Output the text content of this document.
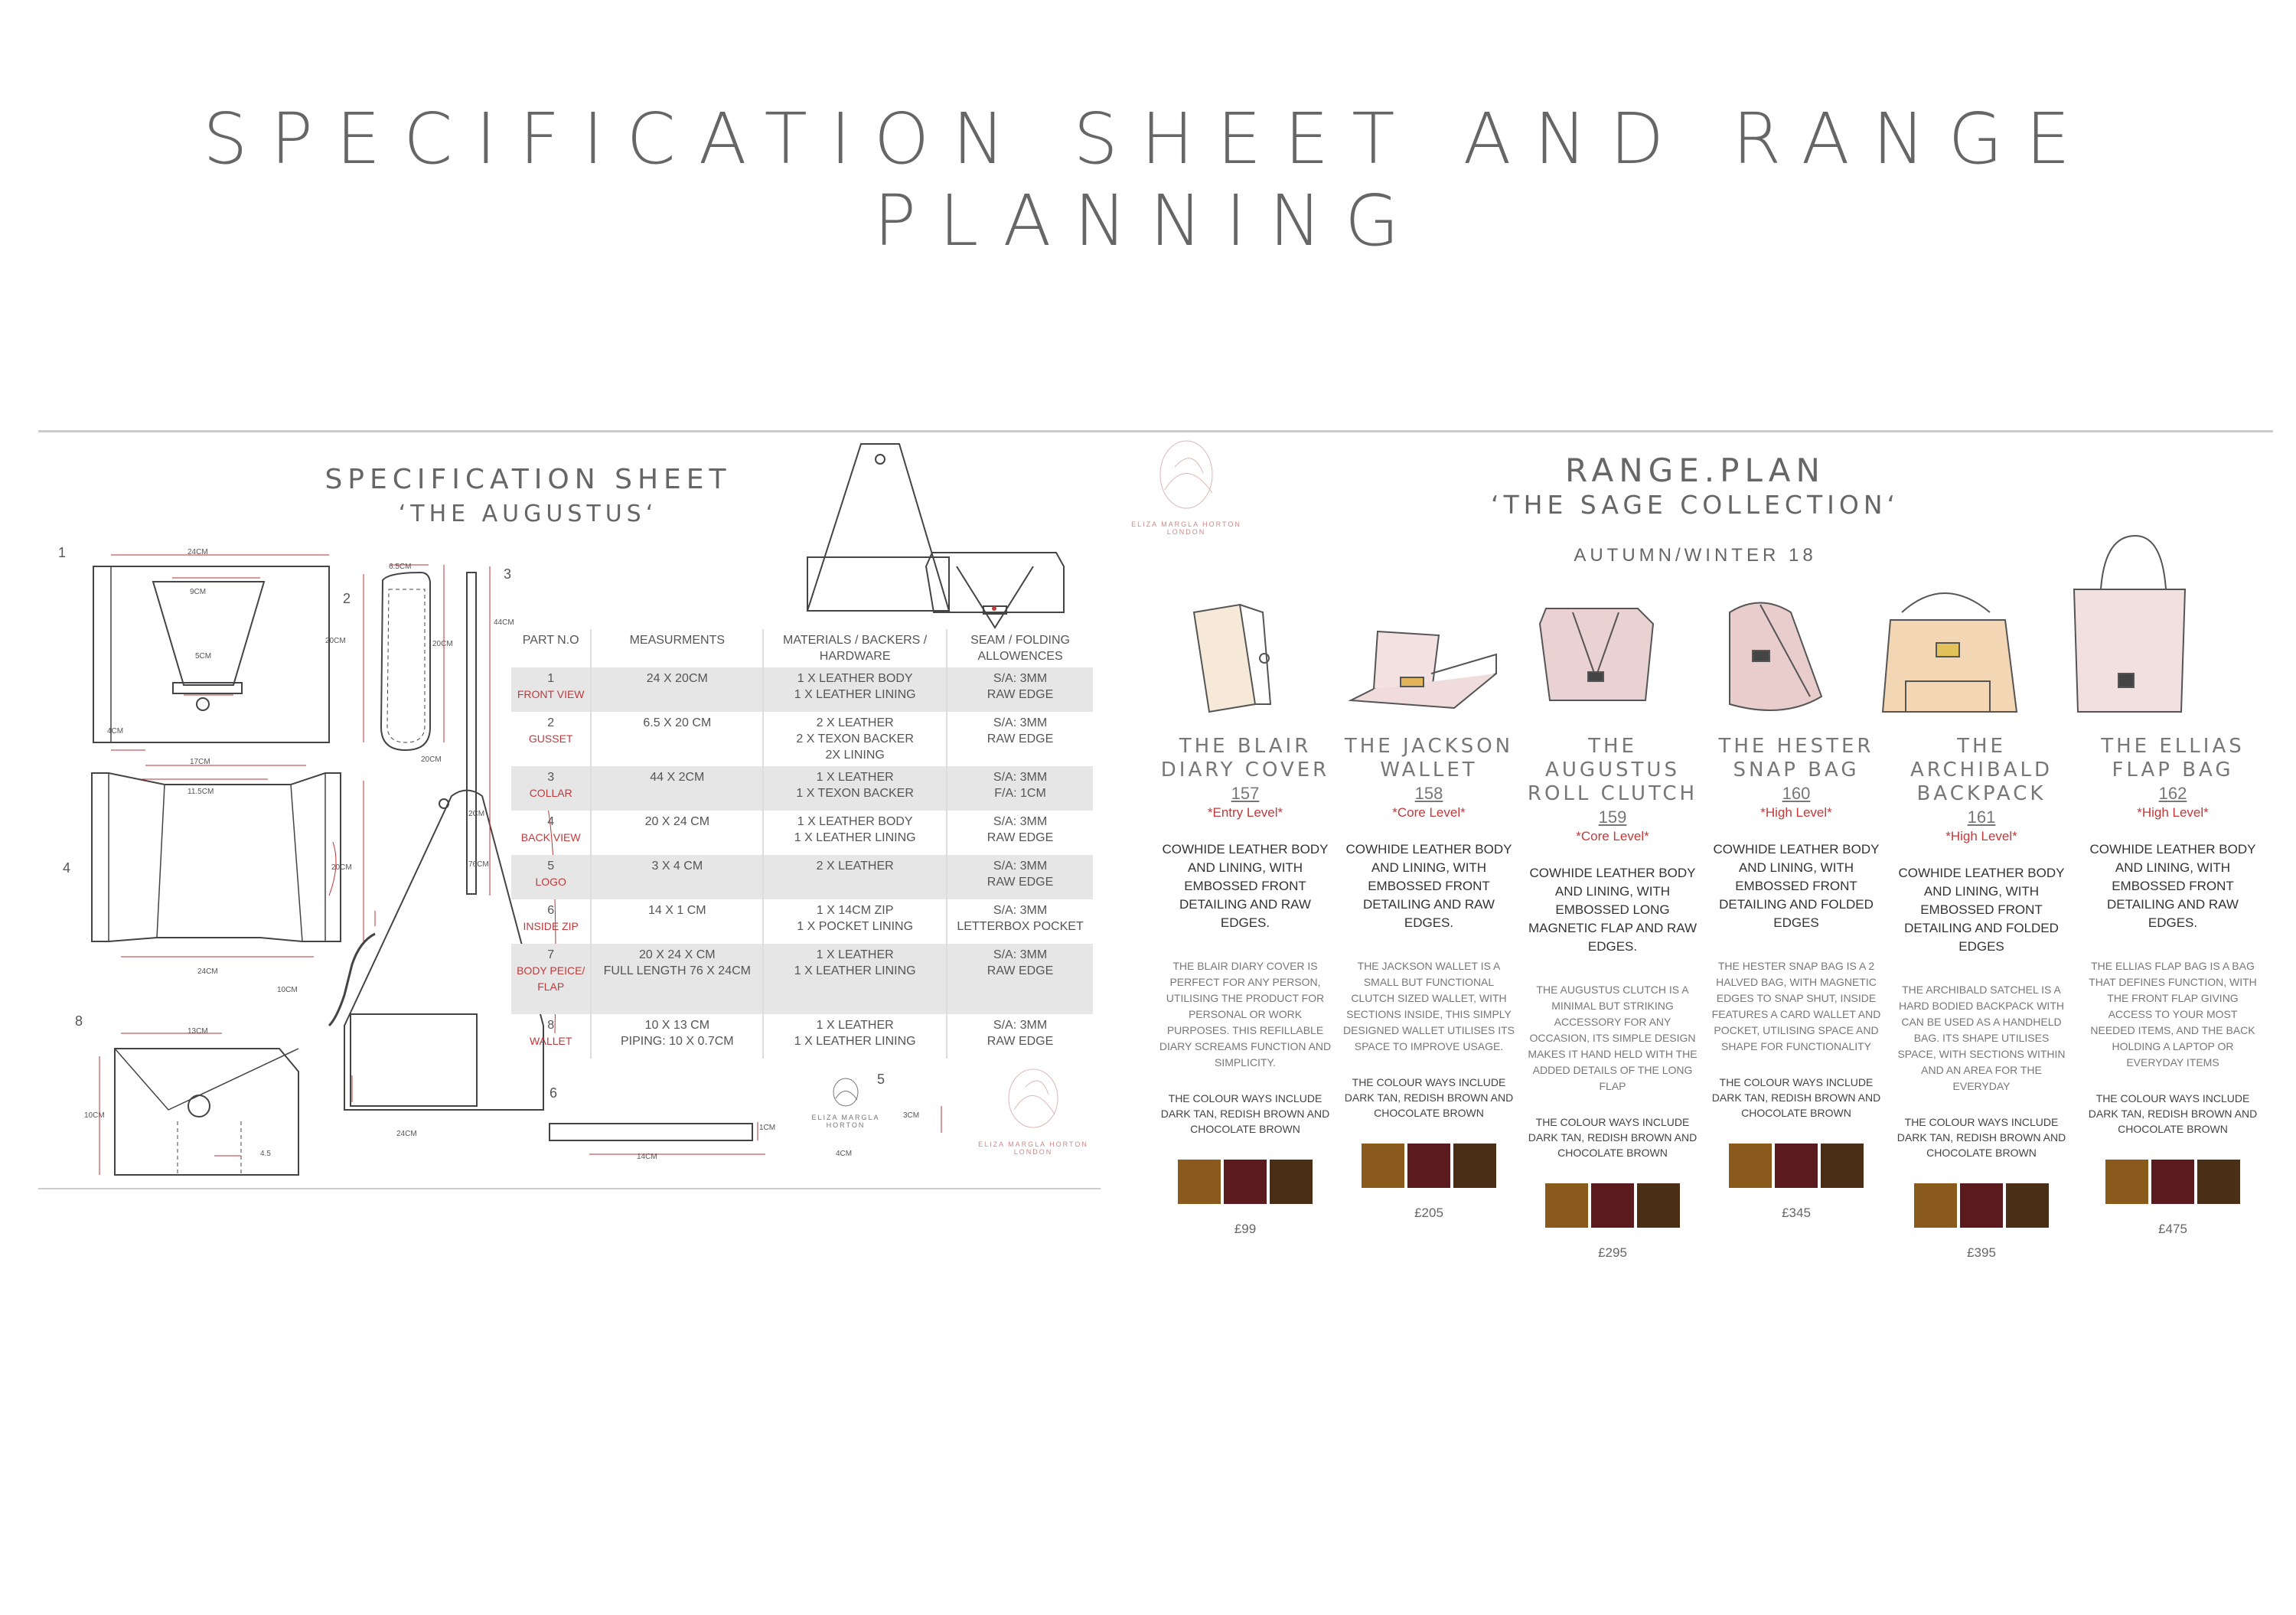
SPECIFICATION SHEET AND RANGE PLANNING
SPECIFICATION SHEET
‘THE AUGUSTUS‘
1
2
3
4
5
6
8
24CM
9CM
5CM
20CM
4CM
17CM
6.5CM
20CM
20CM
44CM
2CM
11.5CM
20CM
24CM
76CM
13CM
10CM
10CM
4.5
24CM
1CM
14CM
3CM
4CM
PART N.O	MEASURMENTS	MATERIALS / BACKERS / HARDWARE	SEAM / FOLDING ALLOWENCES

1
FRONT VIEW	24 X 20CM	1 X LEATHER BODY
1 X LEATHER LINING	S/A: 3MM
RAW EDGE

2
GUSSET	6.5 X 20 CM	2 X LEATHER
2 X TEXON BACKER
2X LINING	S/A: 3MM
RAW EDGE

3
COLLAR	44 X 2CM	1 X LEATHER
1 X TEXON BACKER	S/A: 3MM
F/A: 1CM

4
BACK VIEW	20 X 24 CM	1 X LEATHER BODY
1 X LEATHER LINING	S/A: 3MM
RAW EDGE

5
LOGO	3 X 4 CM	2 X LEATHER	S/A: 3MM
RAW EDGE

6
INSIDE ZIP	14 X 1 CM	1 X 14CM ZIP
1 X POCKET LINING	S/A: 3MM
LETTERBOX POCKET

7
BODY PEICE/ FLAP	20 X 24 X CM
FULL LENGTH 76 X 24CM	1 X LEATHER
1 X LEATHER LINING	S/A: 3MM
RAW EDGE

8
WALLET	10 X 13 CM
PIPING: 10 X 0.7CM	1 X LEATHER
1 X LEATHER LINING	S/A: 3MM
RAW EDGE
ELIZA MARGLA HORTON
ELIZA MARGLA HORTON
LONDON
ELIZA MARGLA HORTON
LONDON
RANGE.PLAN
‘THE SAGE COLLECTION‘
AUTUMN/WINTER 18
THE BLAIR DIARY COVER
157
*Entry Level*
COWHIDE LEATHER BODY AND LINING, WITH EMBOSSED FRONT DETAILING AND RAW EDGES.
THE BLAIR DIARY COVER IS PERFECT FOR ANY PERSON, UTILISING THE PRODUCT FOR PERSONAL OR WORK PURPOSES. THIS REFILLABLE DIARY SCREAMS FUNCTION AND SIMPLICITY.
THE COLOUR WAYS INCLUDE DARK TAN, REDISH BROWN AND CHOCOLATE BROWN
£99
THE JACKSON WALLET
158
*Core Level*
COWHIDE LEATHER BODY AND LINING, WITH EMBOSSED FRONT DETAILING AND RAW EDGES.
THE JACKSON WALLET IS A SMALL BUT FUNCTIONAL CLUTCH SIZED WALLET, WITH SECTIONS INSIDE, THIS SIMPLY DESIGNED WALLET UTILISES ITS SPACE TO IMPROVE USAGE.
THE COLOUR WAYS INCLUDE DARK TAN, REDISH BROWN AND CHOCOLATE BROWN
£205
THE AUGUSTUS ROLL CLUTCH
159
*Core Level*
COWHIDE LEATHER BODY AND LINING, WITH EMBOSSED LONG MAGNETIC FLAP AND RAW EDGES.
THE AUGUSTUS CLUTCH IS A MINIMAL BUT STRIKING ACCESSORY FOR ANY OCCASION, ITS SIMPLE DESIGN MAKES IT HAND HELD WITH THE ADDED DETAILS OF THE LONG FLAP
THE COLOUR WAYS INCLUDE DARK TAN, REDISH BROWN AND CHOCOLATE BROWN
£295
THE HESTER SNAP BAG
160
*High Level*
COWHIDE LEATHER BODY AND LINING, WITH EMBOSSED FRONT DETAILING AND FOLDED EDGES
THE HESTER SNAP BAG IS A 2 HALVED BAG, WITH MAGNETIC EDGES TO SNAP SHUT, INSIDE FEATURES A CARD WALLET AND POCKET, UTILISING SPACE AND SHAPE FOR FUNCTIONALITY
THE COLOUR WAYS INCLUDE DARK TAN, REDISH BROWN AND CHOCOLATE BROWN
£345
THE ARCHIBALD BACKPACK
161
*High Level*
COWHIDE LEATHER BODY AND LINING, WITH EMBOSSED FRONT DETAILING AND FOLDED EDGES
THE ARCHIBALD SATCHEL IS A HARD BODIED BACKPACK WITH CAN BE USED AS A HANDHELD BAG. ITS SHAPE UTILISES SPACE, WITH SECTIONS WITHIN AND AN AREA FOR THE EVERYDAY
THE COLOUR WAYS INCLUDE DARK TAN, REDISH BROWN AND CHOCOLATE BROWN
£395
THE ELLIAS FLAP BAG
162
*High Level*
COWHIDE LEATHER BODY AND LINING, WITH EMBOSSED FRONT DETAILING AND RAW EDGES.
THE ELLIAS FLAP BAG IS A BAG THAT DEFINES FUNCTION, WITH THE FRONT FLAP GIVING ACCESS TO YOUR MOST NEEDED ITEMS, AND THE BACK HOLDING A LAPTOP OR EVERYDAY ITEMS
THE COLOUR WAYS INCLUDE DARK TAN, REDISH BROWN AND CHOCOLATE BROWN
£475
